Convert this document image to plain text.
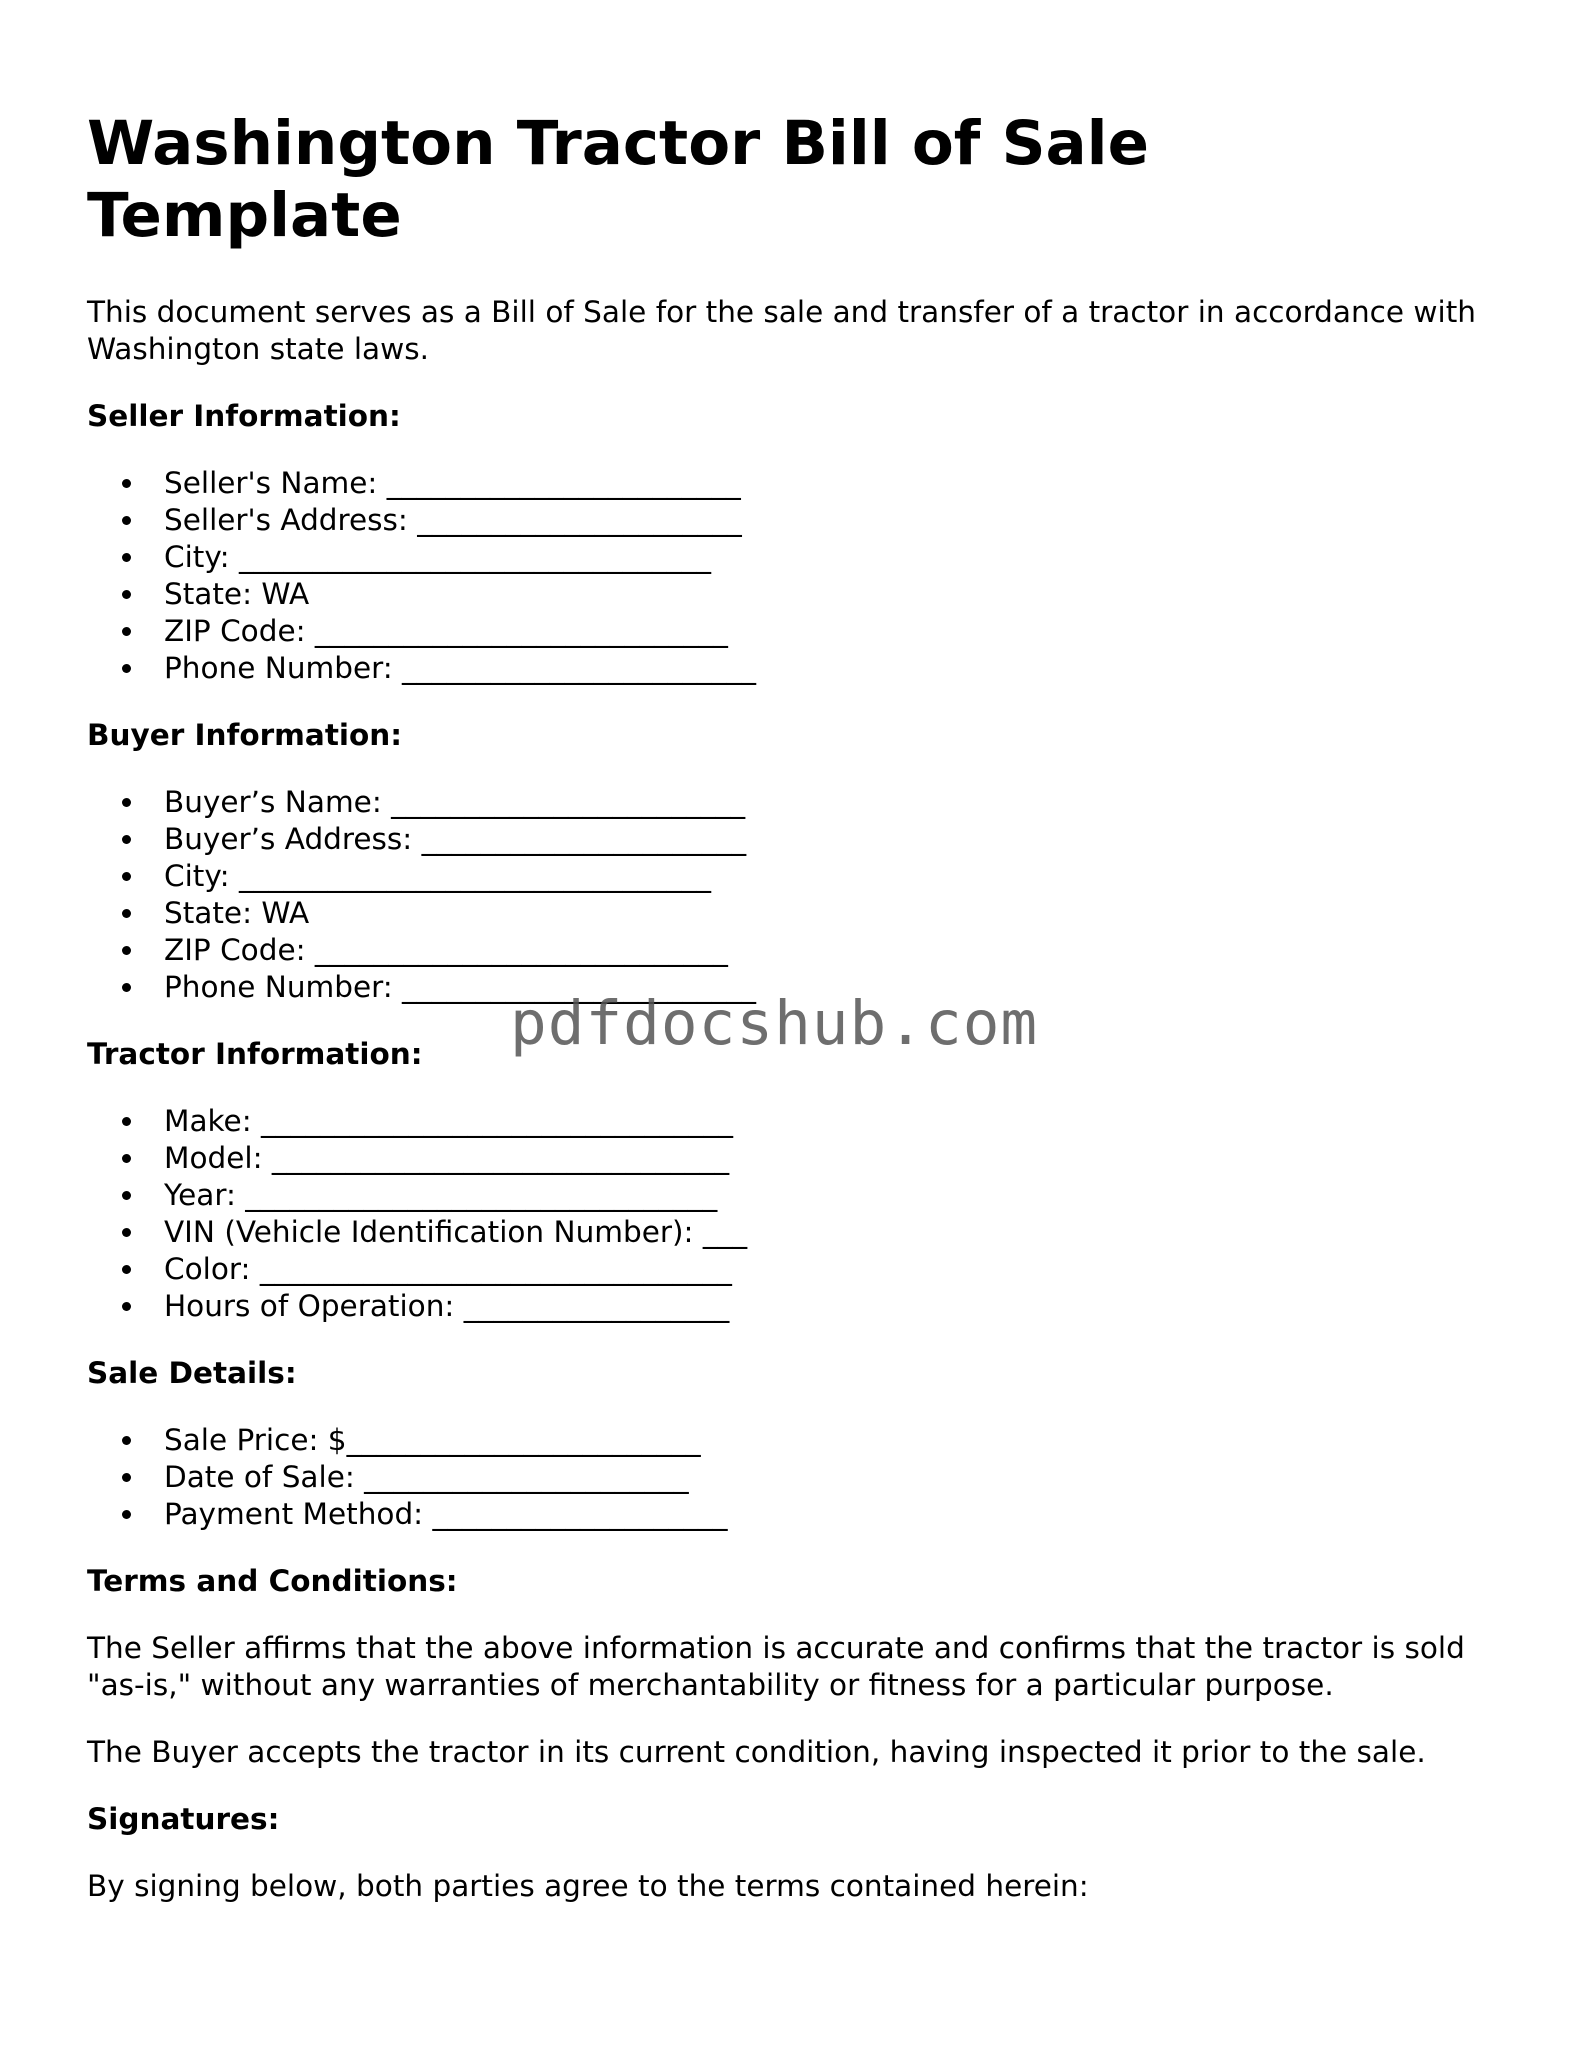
Washington Tractor Bill of Sale Template

This document serves as a Bill of Sale for the sale and transfer of a tractor in accordance with Washington state laws.

Seller Information:
Seller's Name: ________________________
Seller's Address: ______________________
City: ________________________________
State: WA
ZIP Code: ____________________________
Phone Number: ________________________
Buyer Information:
Buyer’s Name: ________________________
Buyer’s Address: ______________________
City: ________________________________
State: WA
ZIP Code: ____________________________
Phone Number: ________________________
Tractor Information:
Make: ________________________________
Model: _______________________________
Year: ________________________________
VIN (Vehicle Identification Number): ___
Color: ________________________________
Hours of Operation: __________________
Sale Details:
Sale Price: $________________________
Date of Sale: ______________________
Payment Method: ____________________
Terms and Conditions:

The Seller affirms that the above information is accurate and confirms that the tractor is sold "as-is," without any warranties of merchantability or fitness for a particular purpose.

The Buyer accepts the tractor in its current condition, having inspected it prior to the sale.

Signatures:

By signing below, both parties agree to the terms contained herein:

pdfdocshub.com
